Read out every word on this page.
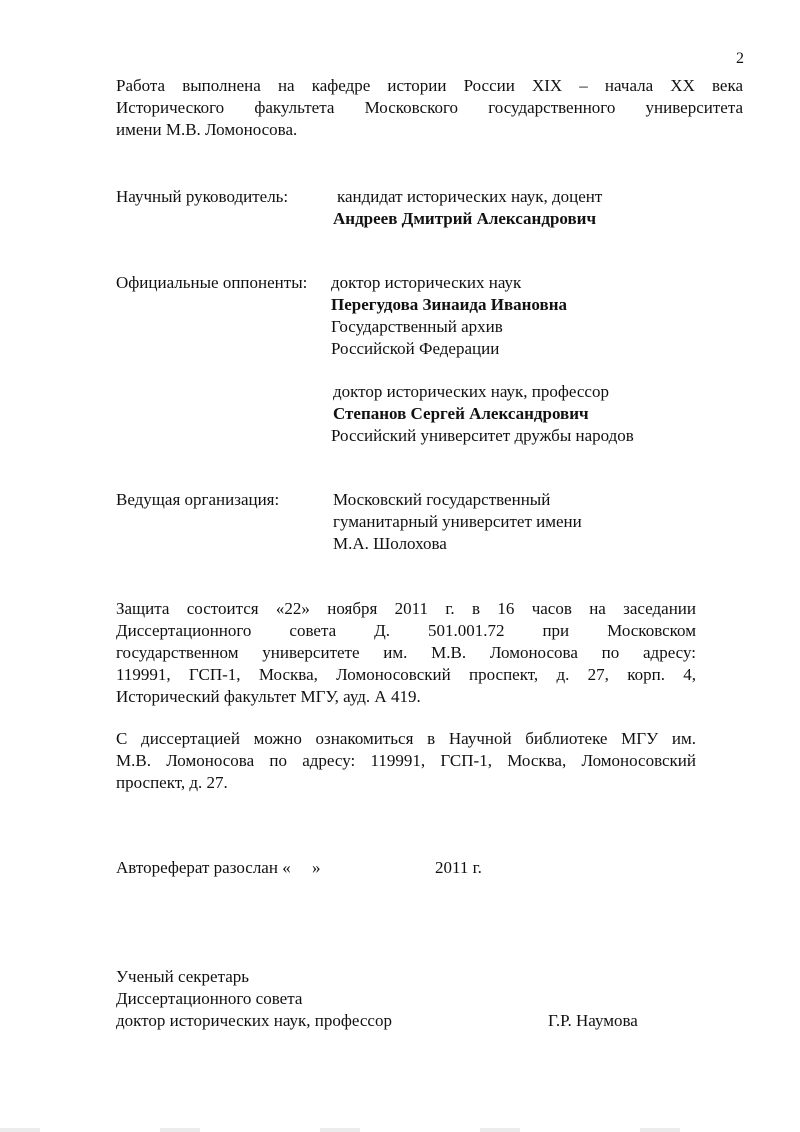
2
Работа выполнена на кафедре истории России XIX – начала XX века
Исторического факультета Московского государственного университета
имени М.В. Ломоносова.
Научный руководитель:	кандидат исторических наук, доцент
Андреев Дмитрий Александрович
Официальные оппоненты: доктор исторических наук
Перегудова Зинаида Ивановна
Государственный архив
Российской Федерации
доктор исторических наук, профессор
Степанов Сергей Александрович
Российский университет дружбы народов
Ведущая организация:	Московский государственный
гуманитарный университет имени
М.А. Шолохова
Защита состоится «22» ноября 2011 г. в 16 часов на заседании
Диссертационного совета Д. 501.001.72 при Московском
государственном университете им. М.В. Ломоносова по адресу:
119991, ГСП-1, Москва, Ломоносовский проспект, д. 27, корп. 4,
Исторический факультет МГУ, ауд. А 419.
С диссертацией можно ознакомиться в Научной библиотеке МГУ им.
М.В. Ломоносова по адресу: 119991, ГСП-1, Москва, Ломоносовский
проспект, д. 27.
Автореферат разослан «     »	2011 г.
Ученый секретарь
Диссертационного совета
доктор исторических наук, профессор	Г.Р. Наумова
